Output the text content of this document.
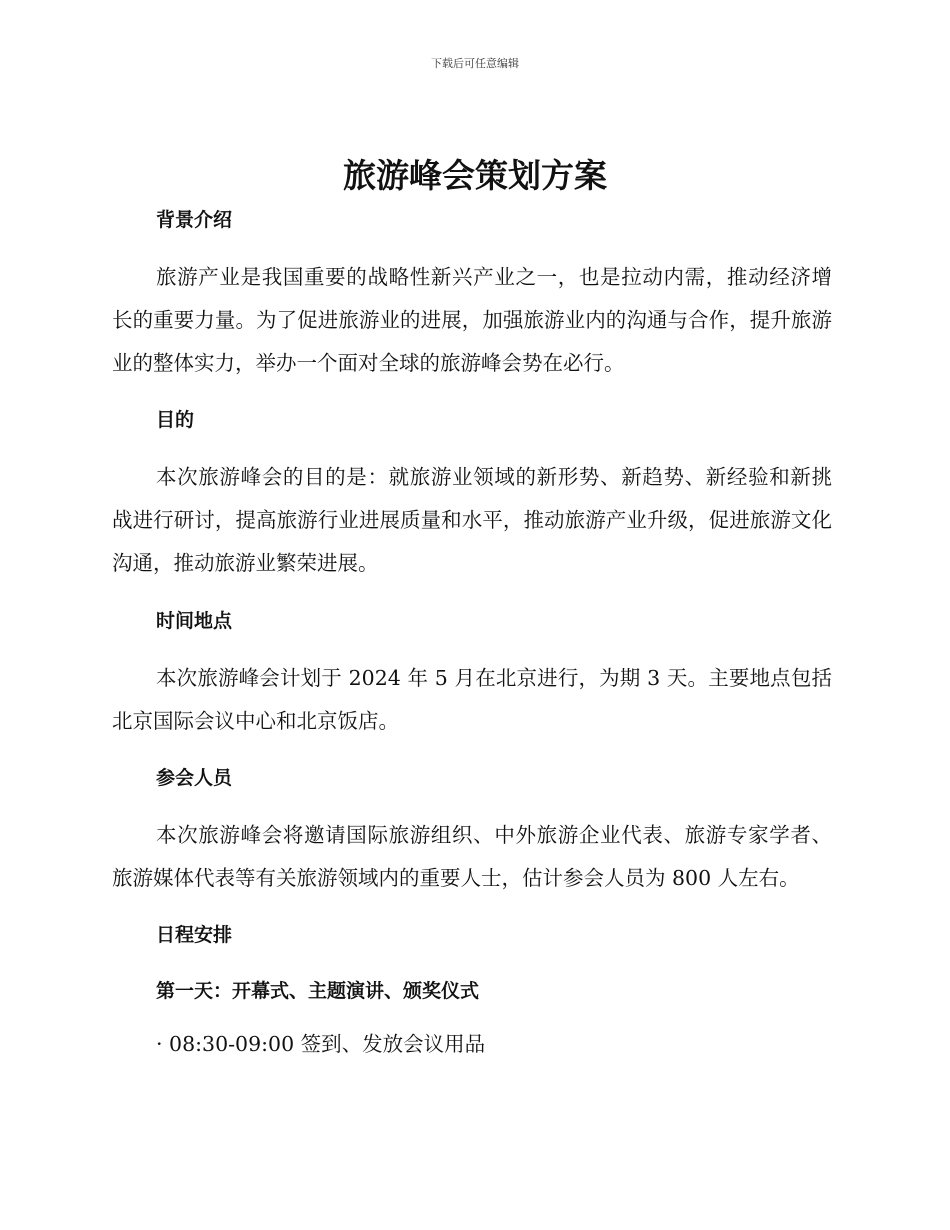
下载后可任意编辑
旅游峰会策划方案
背景介绍

旅游产业是我国重要的战略性新兴产业之一，也是拉动内需，推动经济增长的重要力量。为了促进旅游业的进展，加强旅游业内的沟通与合作，提升旅游业的整体实力，举办一个面对全球的旅游峰会势在必行。

目的

本次旅游峰会的目的是：就旅游业领域的新形势、新趋势、新经验和新挑战进行研讨，提高旅游行业进展质量和水平，推动旅游产业升级，促进旅游文化沟通，推动旅游业繁荣进展。

时间地点

本次旅游峰会计划于 2024 年 5 月在北京进行，为期 3 天。主要地点包括北京国际会议中心和北京饭店。

参会人员

本次旅游峰会将邀请国际旅游组织、中外旅游企业代表、旅游专家学者、旅游媒体代表等有关旅游领域内的重要人士，估计参会人员为 800 人左右。

日程安排
第一天：开幕式、主题演讲、颁奖仪式
· 08:30-09:00 签到、发放会议用品
